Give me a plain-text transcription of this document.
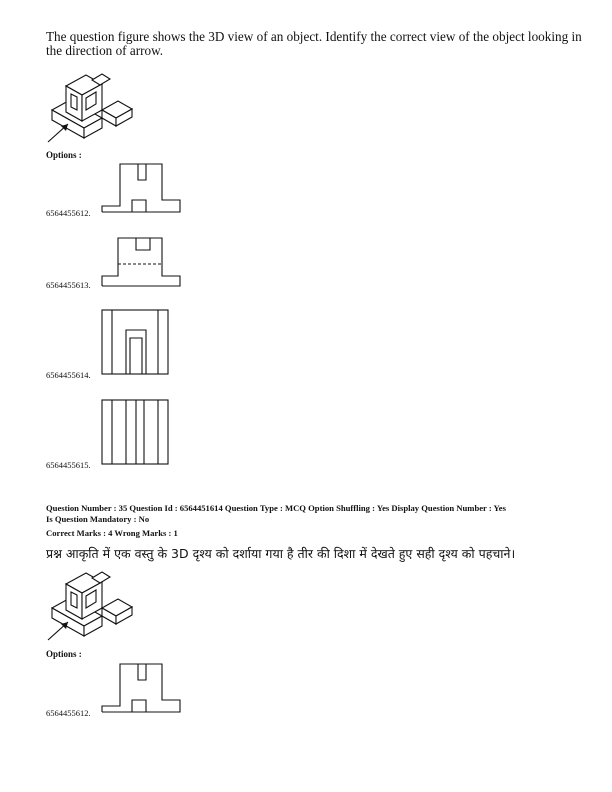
The question figure shows the 3D view of an object. Identify the correct view of the object looking in the direction of arrow.
Options :
6564455612.
6564455613.
6564455614.
6564455615.
Question Number : 35 Question Id : 6564451614 Question Type : MCQ Option Shuffling : Yes Display Question Number : Yes
Is Question Mandatory : No
Correct Marks : 4 Wrong Marks : 1
प्रश्न आकृति में एक वस्तु के 3D दृश्य को दर्शाया गया है तीर की दिशा में देखते हुए सही दृश्य को पहचाने।
Options :
6564455612.
